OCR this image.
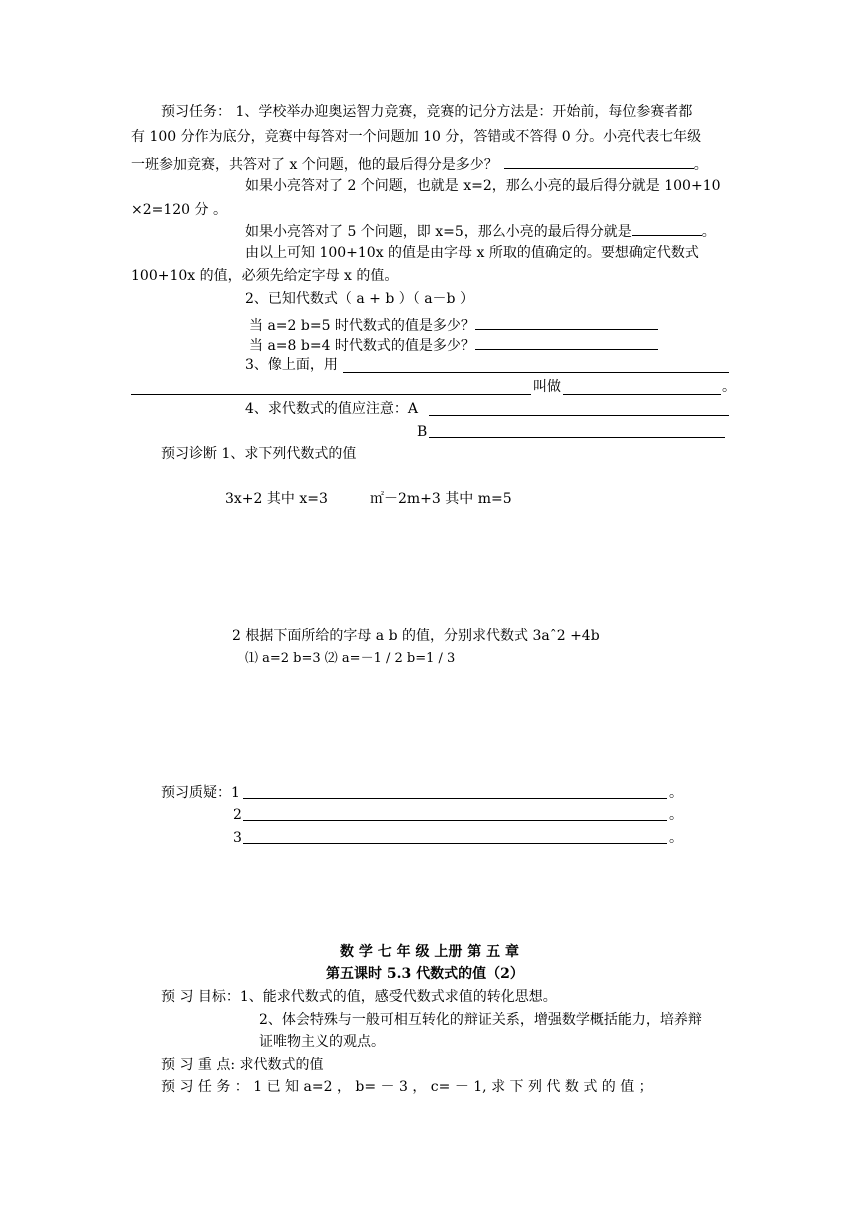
预习任务： 1、学校举办迎奥运智力竞赛，竞赛的记分方法是：开始前，每位参赛者都
有 100 分作为底分，竞赛中每答对一个问题加 10 分，答错或不答得 0 分。小亮代表七年级
一班参加竞赛，共答对了 x 个问题，他的最后得分是多少？	。
如果小亮答对了 2 个问题，也就是 x=2，那么小亮的最后得分就是 100+10
×2=120 分 。
如果小亮答对了 5 个问题，即 x=5，那么小亮的最后得分就是	。
由以上可知 100+10x 的值是由字母 x 所取的值确定的。要想确定代数式
100+10x 的值，必须先给定字母 x 的值。
2、已知代数式（ a + b ）（ a－b ）
当 a=2 b=5 时代数式的值是多少？
当 a=8 b=4 时代数式的值是多少？
3、像上面，用
叫做	。
4、求代数式的值应注意：A
B
预习诊断 1、求下列代数式的值
3x+2 其中 x=3	㎡－2m+3 其中 m=5
2 根据下面所给的字母 a b 的值，分别求代数式 3aˆ2 +4b
⑴ a=2 b=3 ⑵ a=－1 / 2 b=1 / 3
预习质疑：1	。
2	。
3	。
数 学 七 年 级 上册 第 五 章
第五课时 5.3 代数式的值（2）
预 习 目标：1、能求代数式的值，感受代数式求值的转化思想。
2、体会特殊与一般可相互转化的辩证关系，增强数学概括能力，培养辩
证唯物主义的观点。
预 习 重 点: 求代数式的值
预 习 任 务 ： 1 已 知 a=2 ， b= － 3 ， c= － 1, 求 下 列 代 数 式 的 值 ；
